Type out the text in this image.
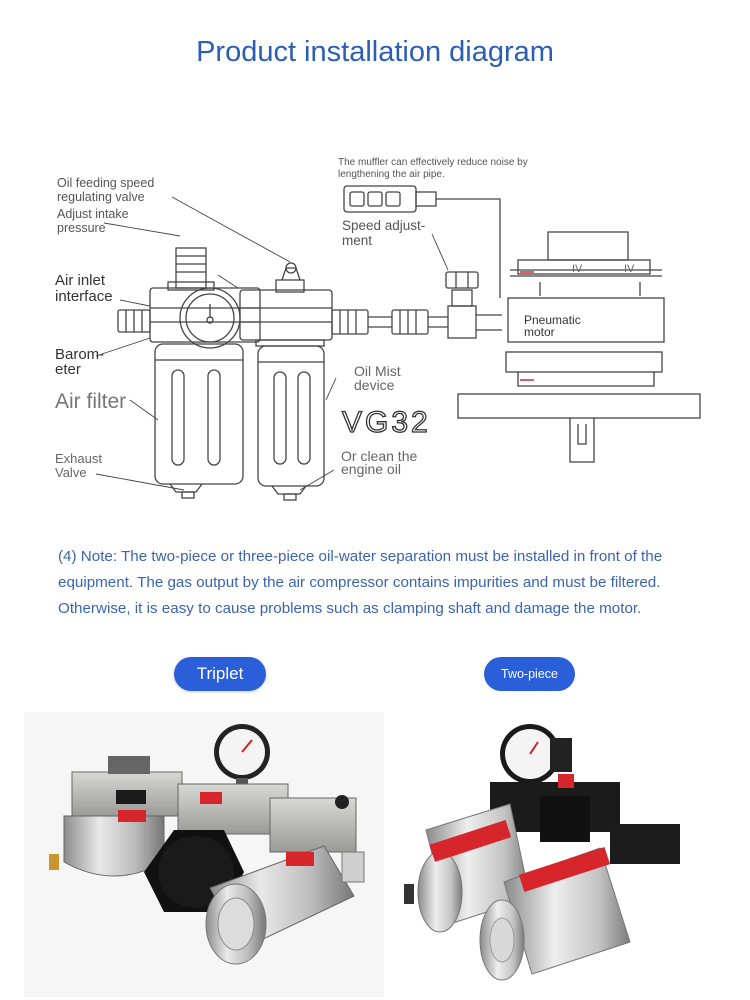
Product installation diagram
The muffler can effectively reduce noise by
lengthening the air pipe.
Oil feeding speed
regulating valve
Adjust intake
pressure	Speed adjust-
ment
Air inlet
interface
Barom-
eter
Air filter
Oil Mist
device
Or clean the
engine oil
Exhaust
Valve
VG32
Pneumatic
motor
IV	IV
(4) Note: The two-piece or three-piece oil-water separation must be installed in front of the
equipment. The gas output by the air compressor contains impurities and must be filtered.
Otherwise, it is easy to cause problems such as clamping shaft and damage the motor.
Triplet	Two-piece
